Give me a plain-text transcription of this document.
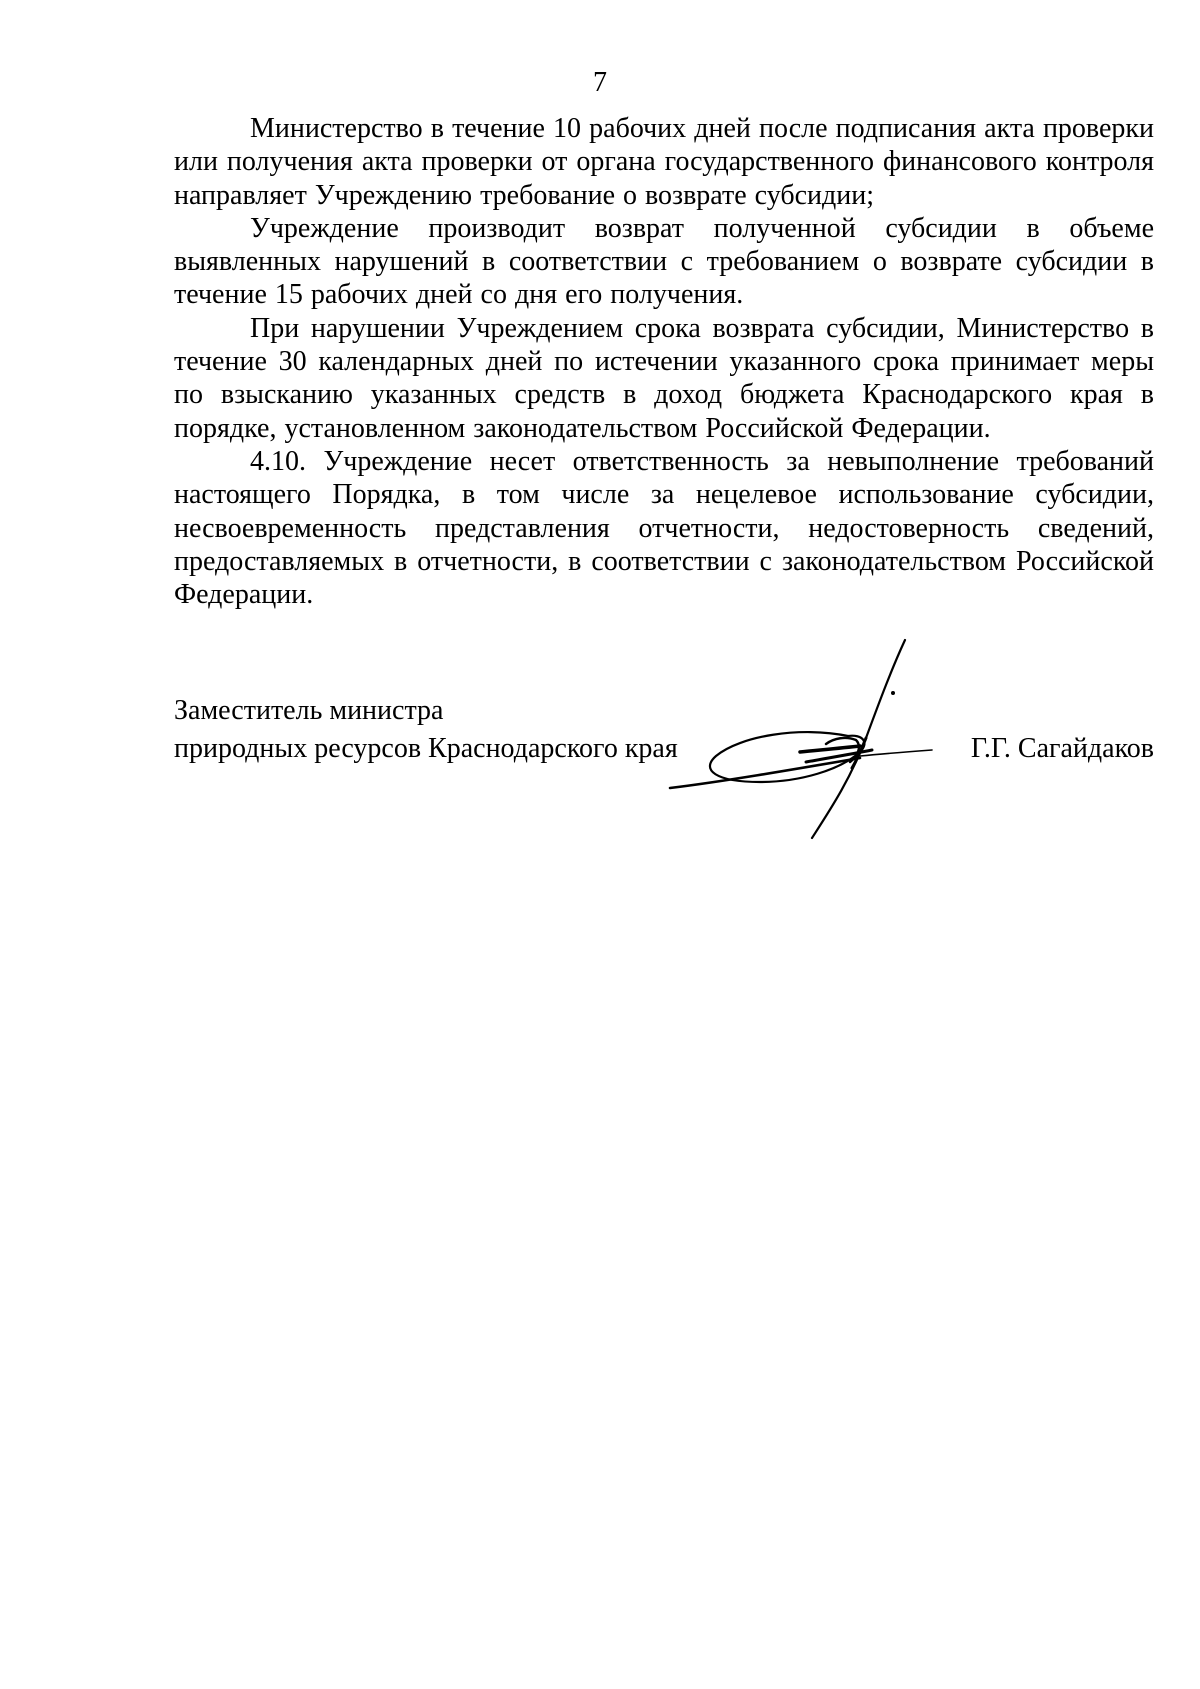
7

Министерство в течение 10 рабочих дней после подписания акта проверки или получения акта проверки от органа государственного финансового контроля направляет Учреждению требование о возврате субсидии;

Учреждение производит возврат полученной субсидии в объеме выявленных нарушений в соответствии с требованием о возврате субсидии в течение 15 рабочих дней со дня его получения.

При нарушении Учреждением срока возврата субсидии, Министерство в течение 30 календарных дней по истечении указанного срока принимает меры по взысканию указанных средств в доход бюджета Краснодарского края в порядке, установленном законодательством Российской Федерации.

4.10. Учреждение несет ответственность за невыполнение требований настоящего Порядка, в том числе за нецелевое использование субсидии, несвоевременность представления отчетности, недостоверность сведений, предоставляемых в отчетности, в соответствии с законодательством Российской Федерации.

Заместитель министра
природных ресурсов Краснодарского края	Г.Г. Сагайдаков
